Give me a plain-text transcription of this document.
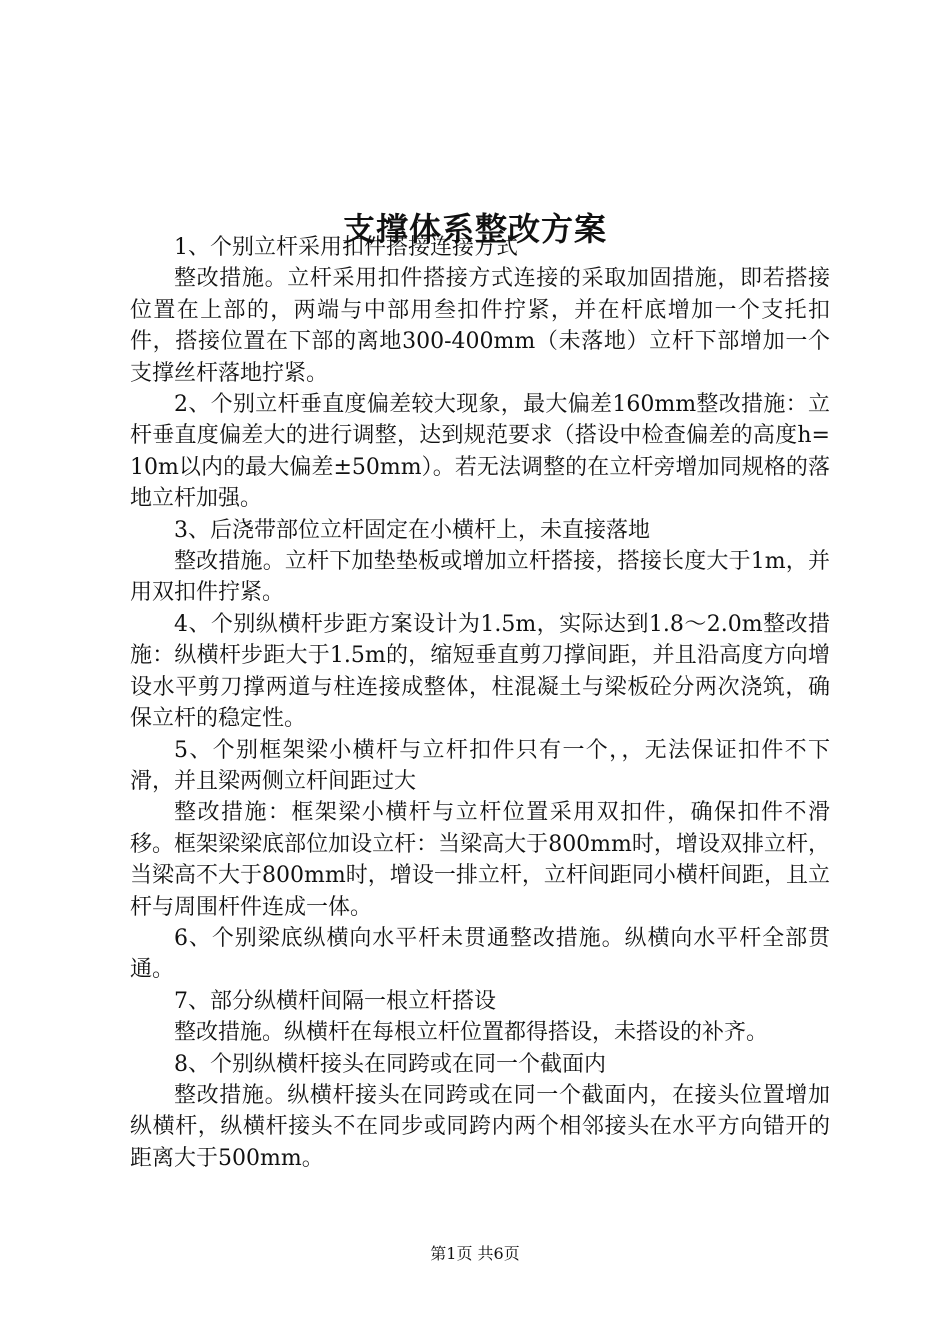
支撑体系整改方案

1、个别立杆采用扣件搭接连接方式

整改措施。立杆采用扣件搭接方式连接的采取加固措施，即若搭接位置在上部的，两端与中部用叁扣件拧紧，并在杆底增加一个支托扣件，搭接位置在下部的离地300-400mm（未落地）立杆下部增加一个支撑丝杆落地拧紧。

2、个别立杆垂直度偏差较大现象，最大偏差160mm整改措施：立杆垂直度偏差大的进行调整，达到规范要求（搭设中检查偏差的高度h=10m以内的最大偏差±50mm）。若无法调整的在立杆旁增加同规格的落地立杆加强。

3、后浇带部位立杆固定在小横杆上，未直接落地

整改措施。立杆下加垫垫板或增加立杆搭接，搭接长度大于1m，并用双扣件拧紧。

4、个别纵横杆步距方案设计为1.5m，实际达到1.8～2.0m整改措施：纵横杆步距大于1.5m的，缩短垂直剪刀撑间距，并且沿高度方向增设水平剪刀撑两道与柱连接成整体，柱混凝土与梁板砼分两次浇筑，确保立杆的稳定性。

5、个别框架梁小横杆与立杆扣件只有一个，，无法保证扣件不下滑，并且梁两侧立杆间距过大

整改措施：框架梁小横杆与立杆位置采用双扣件，确保扣件不滑移。框架梁梁底部位加设立杆：当梁高大于800mm时，增设双排立杆，当梁高不大于800mm时，增设一排立杆，立杆间距同小横杆间距，且立杆与周围杆件连成一体。

6、个别梁底纵横向水平杆未贯通整改措施。纵横向水平杆全部贯通。

7、部分纵横杆间隔一根立杆搭设

整改措施。纵横杆在每根立杆位置都得搭设，未搭设的补齐。

8、个别纵横杆接头在同跨或在同一个截面内

整改措施。纵横杆接头在同跨或在同一个截面内，在接头位置增加纵横杆，纵横杆接头不在同步或同跨内两个相邻接头在水平方向错开的距离大于500mm。

第1页 共6页
